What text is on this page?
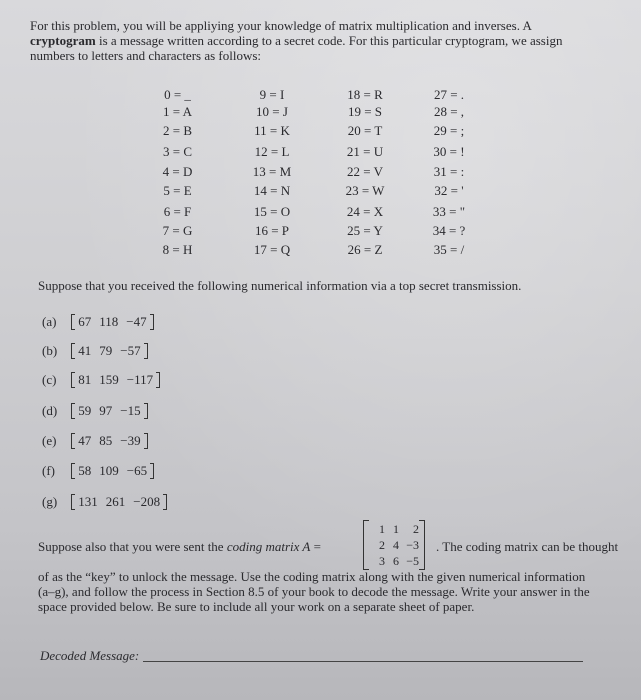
For this problem, you will be appliying your knowledge of matrix multiplication and inverses. A
cryptogram is a message written according to a secret code. For this particular cryptogram, we assign
numbers to letters and characters as follows:
0 = _
1 = A
2 = B
3 = C
4 = D
5 = E
6 = F
7 = G
8 = H
9 = I
10 = J
11 = K
12 = L
13 = M
14 = N
15 = O
16 = P
17 = Q
18 = R
19 = S
20 = T
21 = U
22 = V
23 = W
24 = X
25 = Y
26 = Z
27 = .
28 = ,
29 = ;
30 = !
31 = :
32 = '
33 = "
34 = ?
35 = /
Suppose that you received the following numerical information via a top secret transmission.
(a) 67 118 −47
(b) 41 79 −57
(c) 81 159 −117
(d) 59 97 −15
(e) 47 85 −39
(f) 58 109 −65
(g) 131 261 −208
Suppose also that you were sent the coding matrix A =
1 1	2
2 4 −3
3 6 −5
. The coding matrix can be thought
of as the “key” to unlock the message. Use the coding matrix along with the given numerical information
(a–g), and follow the process in Section 8.5 of your book to decode the message. Write your answer in the
space provided below. Be sure to include all your work on a separate sheet of paper.
Decoded Message:
